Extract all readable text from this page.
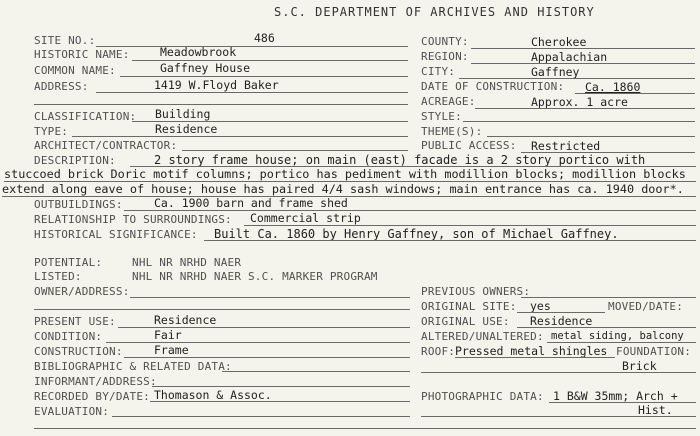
S.C. DEPARTMENT OF ARCHIVES AND HISTORY
SITE NO.:	486
HISTORIC NAME:	Meadowbrook
COMMON NAME:	Gaffney House
ADDRESS:	1419 W.Floyd Baker
CLASSIFICATION: Building
TYPE:	Residence
ARCHITECT/CONTRACTOR:
COUNTY:	Cherokee
REGION:	Appalachian
CITY:	Gaffney
DATE OF CONSTRUCTION: Ca. 1860
ACREAGE:	Approx. 1 acre
STYLE:
THEME(S):
PUBLIC ACCESS: Restricted
DESCRIPTION:	2 story frame house; on main (east) facade is a 2 story portico with
stuccoed brick Doric motif columns; portico has pediment with modillion blocks; modillion blocks
extend along eave of house; house has paired 4/4 sash windows; main entrance has ca. 1940 door*.
OUTBUILDINGS:	Ca. 1900 barn and frame shed
RELATIONSHIP TO SURROUNDINGS: Commercial strip
HISTORICAL SIGNIFICANCE: Built Ca. 1860 by Henry Gaffney, son of Michael Gaffney.
POTENTIAL:	NHL NR NRHD NAER
LISTED:	NHL NR NRHD NAER S.C. MARKER PROGRAM
OWNER/ADDRESS:
PRESENT USE:	Residence
CONDITION:	Fair
CONSTRUCTION:	Frame
BIBLIOGRAPHIC & RELATED DATA:
INFORMANT/ADDRESS:
RECORDED BY/DATE: Thomason & Assoc.
EVALUATION:
PREVIOUS OWNERS:
ORIGINAL SITE: yes	MOVED/DATE:
ORIGINAL USE: Residence
ALTERED/UNALTERED: metal siding, balcony
ROOF: Pressed metal shingles FOUNDATION:
Brick
PHOTOGRAPHIC DATA: 1 B&W 35mm; Arch +
Hist.
